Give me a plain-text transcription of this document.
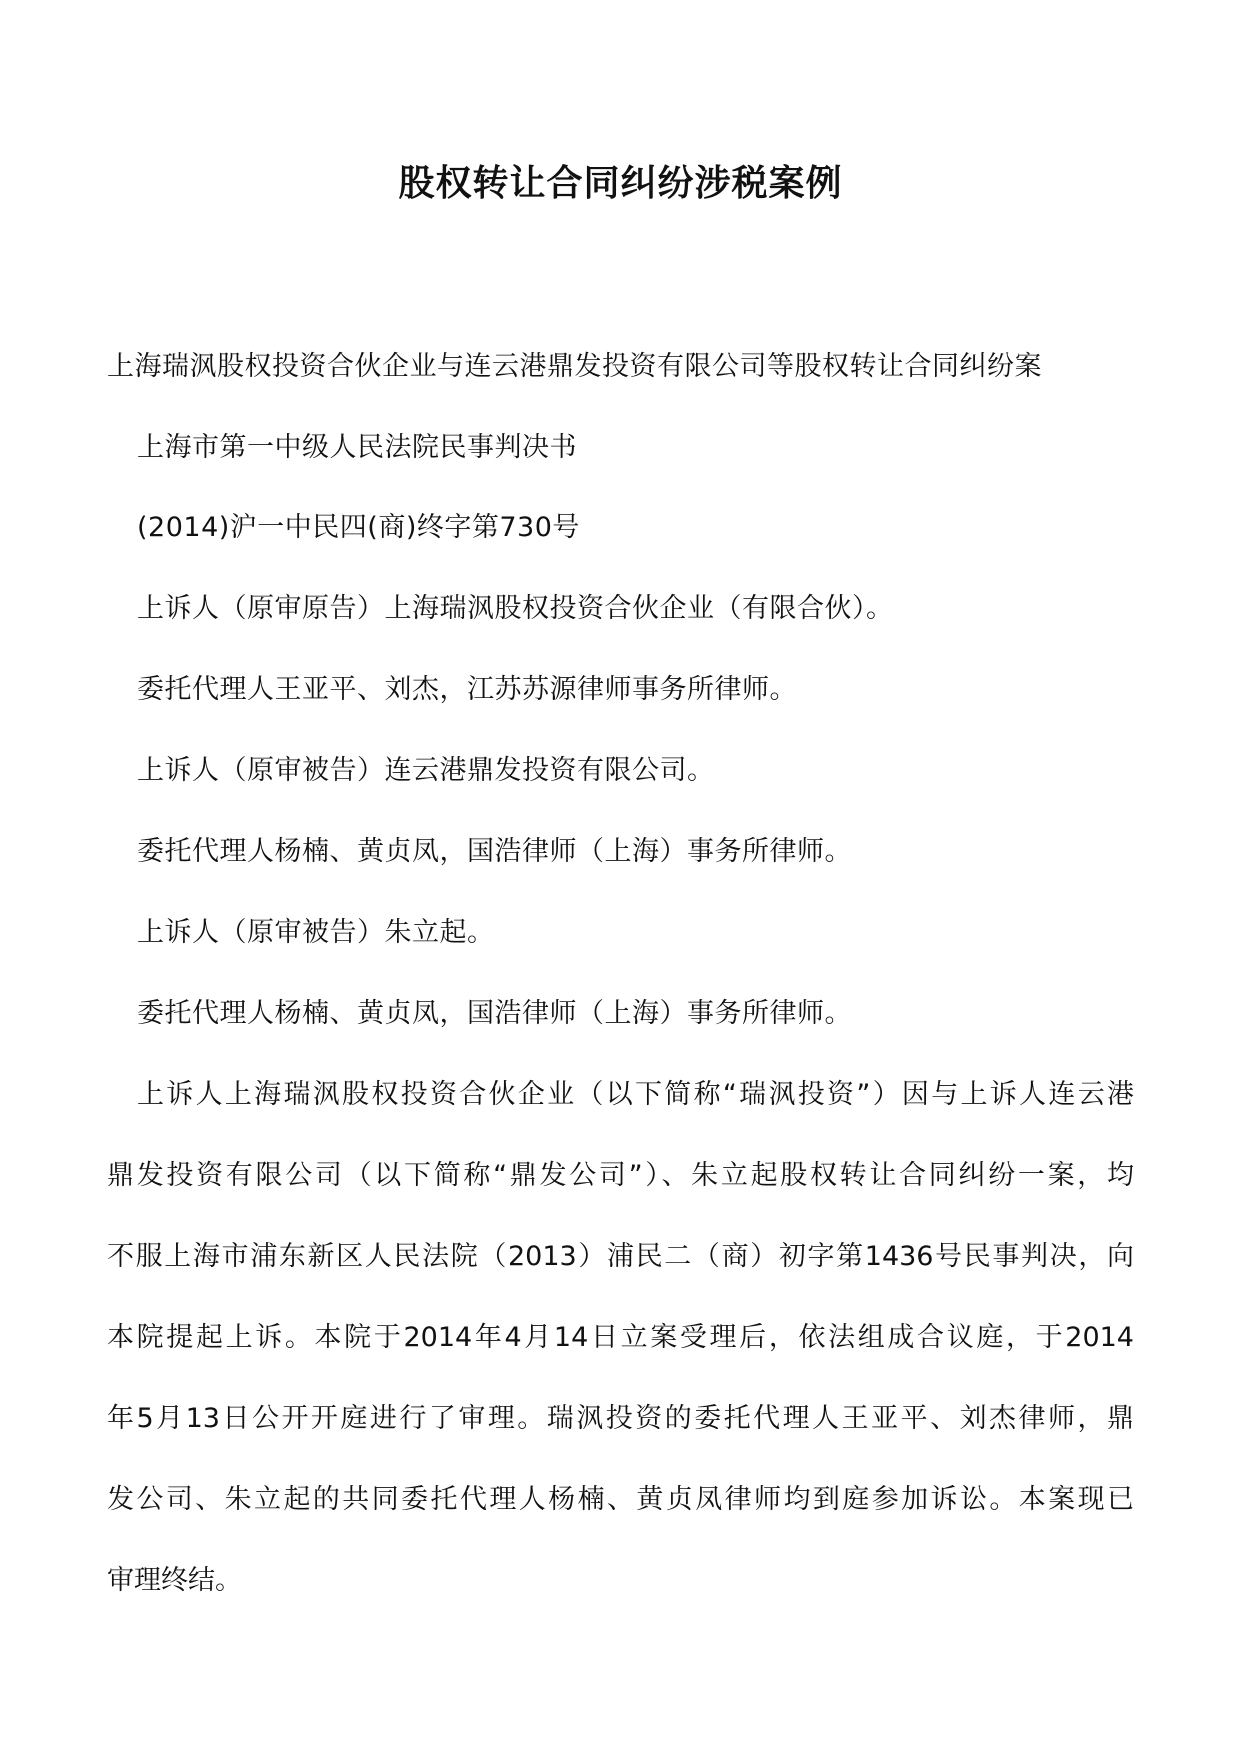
股权转让合同纠纷涉税案例
上海瑞沨股权投资合伙企业与连云港鼎发投资有限公司等股权转让合同纠纷案
上海市第一中级人民法院民事判决书
(2014)沪一中民四(商)终字第730号
上诉人（原审原告）上海瑞沨股权投资合伙企业（有限合伙）。
委托代理人王亚平、刘杰，江苏苏源律师事务所律师。
上诉人（原审被告）连云港鼎发投资有限公司。
委托代理人杨楠、黄贞凤，国浩律师（上海）事务所律师。
上诉人（原审被告）朱立起。
委托代理人杨楠、黄贞凤，国浩律师（上海）事务所律师。
上诉人上海瑞沨股权投资合伙企业（以下简称“瑞沨投资”）因与上诉人连云港
鼎发投资有限公司（以下简称“鼎发公司”）、朱立起股权转让合同纠纷一案，均
不服上海市浦东新区人民法院（2013）浦民二（商）初字第1436号民事判决，向
本院提起上诉。本院于2014年4月14日立案受理后，依法组成合议庭，于2014
年5月13日公开开庭进行了审理。瑞沨投资的委托代理人王亚平、刘杰律师，鼎
发公司、朱立起的共同委托代理人杨楠、黄贞凤律师均到庭参加诉讼。本案现已
审理终结。
